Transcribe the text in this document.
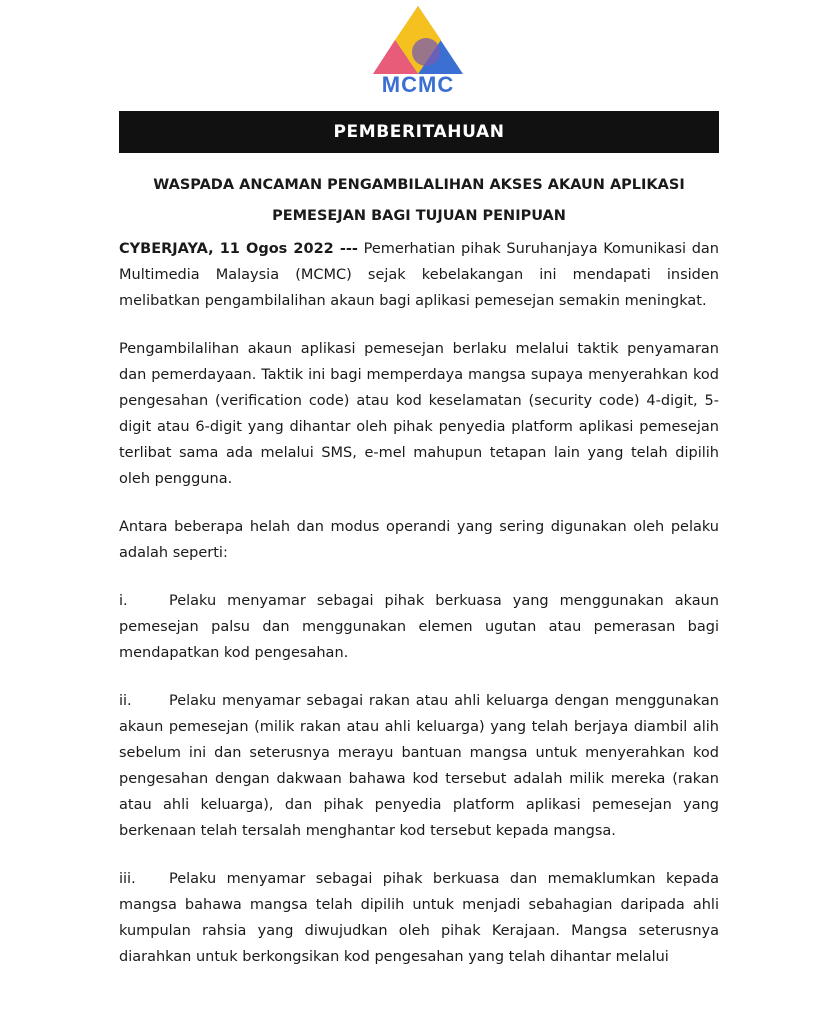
MCMC
PEMBERITAHUAN
WASPADA ANCAMAN PENGAMBILALIHAN AKSES AKAUN APLIKASI
PEMESEJAN BAGI TUJUAN PENIPUAN

CYBERJAYA, 11 Ogos 2022 --- Pemerhatian pihak Suruhanjaya Komunikasi dan Multimedia Malaysia (MCMC) sejak kebelakangan ini mendapati insiden melibatkan pengambilalihan akaun bagi aplikasi pemesejan semakin meningkat.

Pengambilalihan akaun aplikasi pemesejan berlaku melalui taktik penyamaran dan pemerdayaan. Taktik ini bagi memperdaya mangsa supaya menyerahkan kod pengesahan (verification code) atau kod keselamatan (security code) 4-digit, 5-digit atau 6-digit yang dihantar oleh pihak penyedia platform aplikasi pemesejan terlibat sama ada melalui SMS, e-mel mahupun tetapan lain yang telah dipilih oleh pengguna.

Antara beberapa helah dan modus operandi yang sering digunakan oleh pelaku adalah seperti:

i.	Pelaku menyamar sebagai pihak berkuasa yang menggunakan akaun pemesejan palsu dan menggunakan elemen ugutan atau pemerasan bagi mendapatkan kod pengesahan.

ii.	Pelaku menyamar sebagai rakan atau ahli keluarga dengan menggunakan akaun pemesejan (milik rakan atau ahli keluarga) yang telah berjaya diambil alih sebelum ini dan seterusnya merayu bantuan mangsa untuk menyerahkan kod pengesahan dengan dakwaan bahawa kod tersebut adalah milik mereka (rakan atau ahli keluarga), dan pihak penyedia platform aplikasi pemesejan yang berkenaan telah tersalah menghantar kod tersebut kepada mangsa.

iii. Pelaku menyamar sebagai pihak berkuasa dan memaklumkan kepada mangsa bahawa mangsa telah dipilih untuk menjadi sebahagian daripada ahli kumpulan rahsia yang diwujudkan oleh pihak Kerajaan. Mangsa seterusnya diarahkan untuk berkongsikan kod pengesahan yang telah dihantar melalui
